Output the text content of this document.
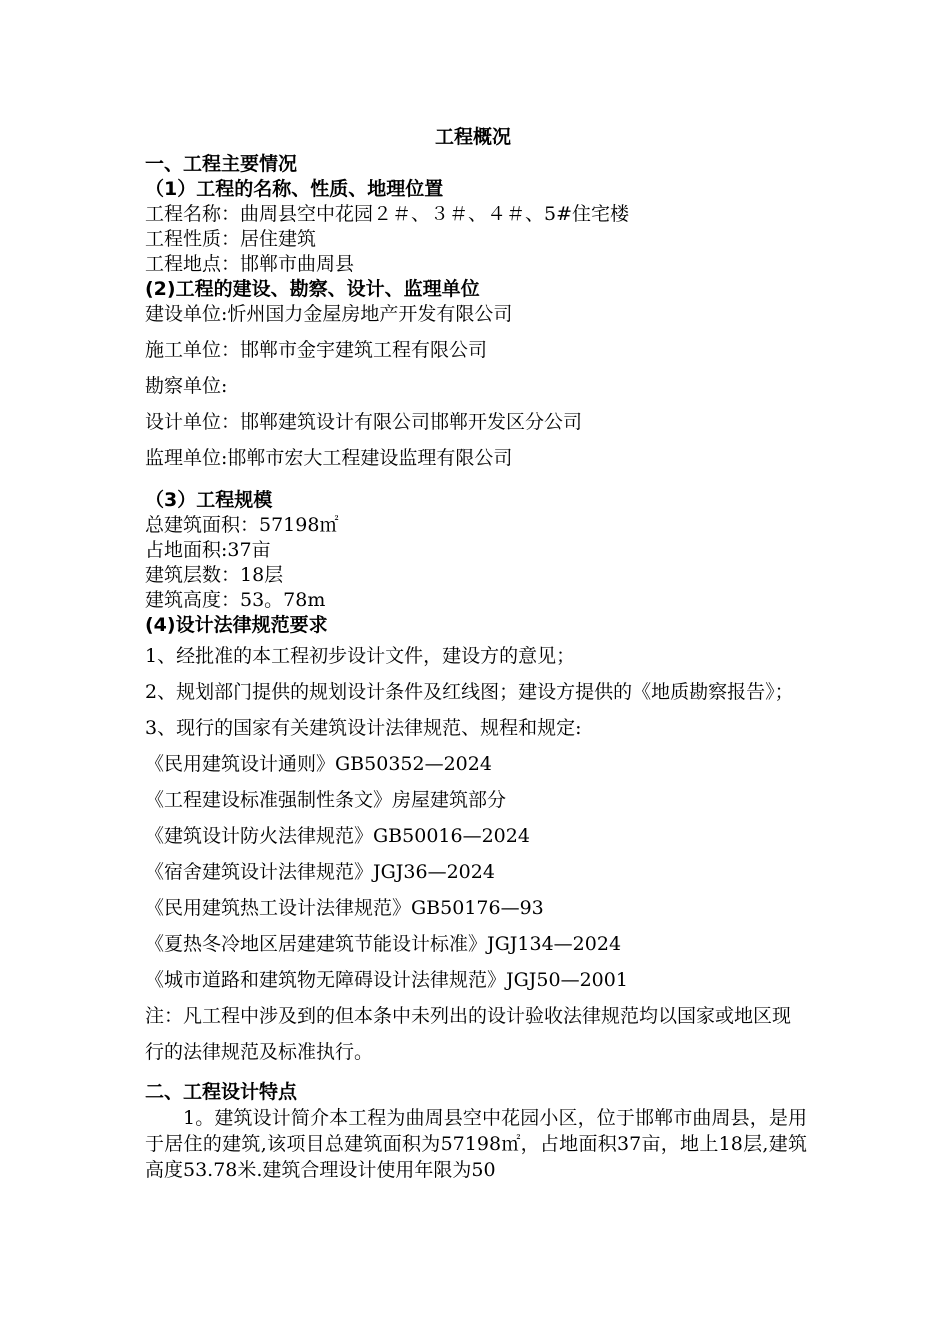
工程概况
一、工程主要情况
（1）工程的名称、性质、地理位置
工程名称：曲周县空中花园２＃、３＃、４＃、5#住宅楼
工程性质：居住建筑
工程地点：邯郸市曲周县
(2)工程的建设、勘察、设计、监理单位
建设单位:忻州国力金屋房地产开发有限公司
施工单位：邯郸市金宇建筑工程有限公司
勘察单位:
设计单位：邯郸建筑设计有限公司邯郸开发区分公司
监理单位:邯郸市宏大工程建设监理有限公司
（3）工程规模
总建筑面积：57198㎡
占地面积:37亩
建筑层数：18层
建筑高度：53。78m
(4)设计法律规范要求
1、经批准的本工程初步设计文件，建设方的意见；
2、规划部门提供的规划设计条件及红线图；建设方提供的《地质勘察报告》；
3、现行的国家有关建筑设计法律规范、规程和规定:
《民用建筑设计通则》GB50352—2024
《工程建设标准强制性条文》房屋建筑部分
《建筑设计防火法律规范》GB50016—2024
《宿舍建筑设计法律规范》JGJ36—2024
《民用建筑热工设计法律规范》GB50176—93
《夏热冬冷地区居建建筑节能设计标准》JGJ134—2024
《城市道路和建筑物无障碍设计法律规范》JGJ50—2001
注：凡工程中涉及到的但本条中未列出的设计验收法律规范均以国家或地区现行的法律规范及标准执行。
二、工程设计特点
1。建筑设计简介本工程为曲周县空中花园小区，位于邯郸市曲周县，是用于居住的建筑,该项目总建筑面积为57198㎡，占地面积37亩，地上18层,建筑高度53.78米.建筑合理设计使用年限为50
